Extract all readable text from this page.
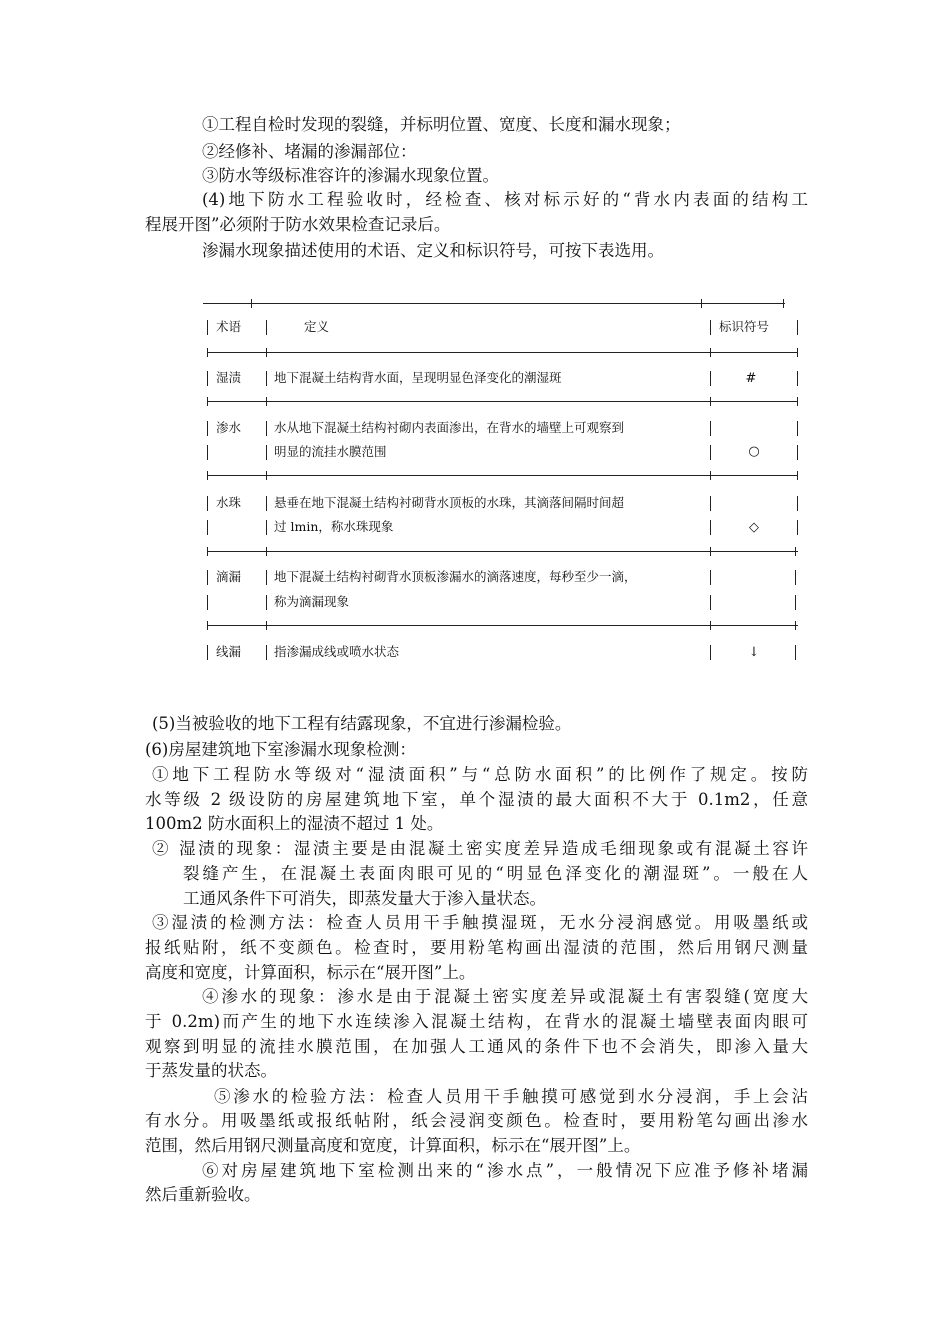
①工程自检时发现的裂缝，并标明位置、宽度、长度和漏水现象；
②经修补、堵漏的渗漏部位：
③防水等级标准容许的渗漏水现象位置。
(4)地下防水工程验收时，经检查、核对标示好的“背水内表面的结构工
程展开图”必须附于防水效果检查记录后。
渗漏水现象描述使用的术语、定义和标识符号，可按下表选用。
术语	定义	标识符号
湿渍	地下混凝土结构背水面，呈现明显色泽变化的潮湿斑	#
渗水	水从地下混凝土结构衬砌内表面渗出，在背水的墙壁上可观察到
明显的流挂水膜范围	○
水珠	悬垂在地下混凝土结构衬砌背水顶板的水珠，其滴落间隔时间超
过 lmin，称水珠现象	◇
滴漏	地下混凝土结构衬砌背水顶板渗漏水的滴落速度，每秒至少一滴，
称为滴漏现象
线漏	指渗漏成线或喷水状态	↓
(5)当被验收的地下工程有结露现象，不宜进行渗漏检验。
(6)房屋建筑地下室渗漏水现象检测：
①地下工程防水等级对“湿渍面积”与“总防水面积”的比例作了规定。按防
水等级 2 级设防的房屋建筑地下室，单个湿渍的最大面积不大于 0.1m2，任意
100m2 防水面积上的湿渍不超过 1 处。
② 湿渍的现象：湿渍主要是由混凝土密实度差异造成毛细现象或有混凝土容许
裂缝产生，在混凝土表面肉眼可见的“明显色泽变化的潮湿斑”。一般在人
工通风条件下可消失，即蒸发量大于渗入量状态。
③湿渍的检测方法：检查人员用干手触摸湿斑，无水分浸润感觉。用吸墨纸或
报纸贴附，纸不变颜色。检查时，要用粉笔构画出湿渍的范围，然后用钢尺测量
高度和宽度，计算面积，标示在“展开图”上。
④渗水的现象：渗水是由于混凝土密实度差异或混凝土有害裂缝(宽度大
于 0.2m)而产生的地下水连续渗入混凝土结构，在背水的混凝土墙壁表面肉眼可
观察到明显的流挂水膜范围，在加强人工通风的条件下也不会消失，即渗入量大
于蒸发量的状态。
⑤渗水的检验方法：检查人员用干手触摸可感觉到水分浸润，手上会沾
有水分。用吸墨纸或报纸帖附，纸会浸润变颜色。检查时，要用粉笔勾画出渗水
范围，然后用钢尺测量高度和宽度，计算面积，标示在“展开图”上。
⑥对房屋建筑地下室检测出来的“渗水点”，一般情况下应准予修补堵漏
然后重新验收。
